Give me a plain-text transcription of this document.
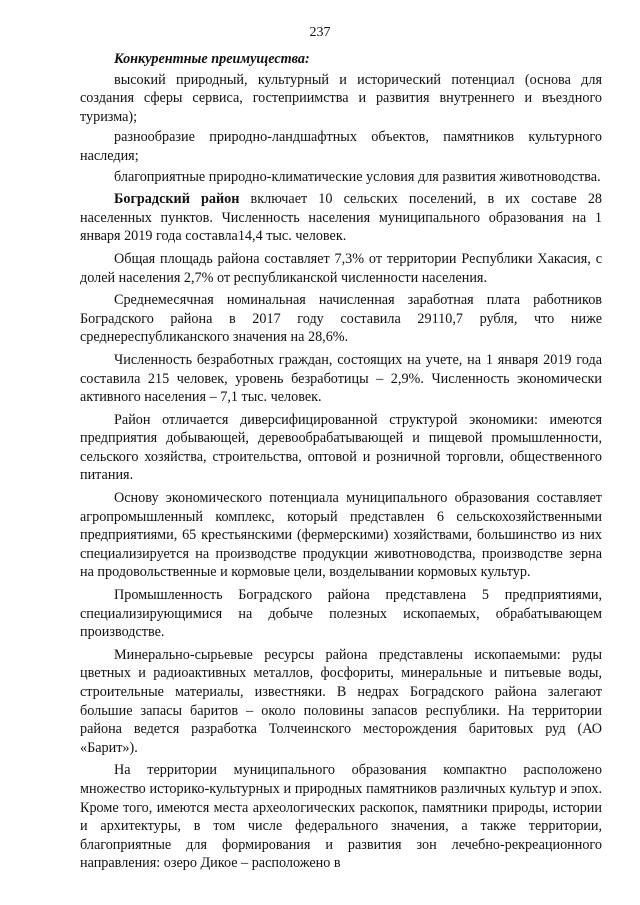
237

Конкурентные преимущества:

высокий природный, культурный и исторический потенциал (основа для создания сферы сервиса, гостеприимства и развития внутреннего и въездного туризма);

разнообразие природно-ландшафтных объектов, памятников культурного наследия;

благоприятные природно-климатические условия для развития животноводства.

Боградский район включает 10 сельских поселений, в их составе 28 населенных пунктов. Численность населения муниципального образования на 1 января 2019 года составла14,4 тыс. человек.

Общая площадь района составляет 7,3% от территории Республики Хакасия, с долей населения 2,7% от республиканской численности населения.

Среднемесячная номинальная начисленная заработная плата работников Боградского района в 2017 году составила 29110,7 рубля, что ниже среднереспубликанского значения на 28,6%.

Численность безработных граждан, состоящих на учете, на 1 января 2019 года составила 215 человек, уровень безработицы – 2,9%. Численность экономически активного населения – 7,1 тыс. человек.

Район отличается диверсифицированной структурой экономики: имеются предприятия добывающей, деревообрабатывающей и пищевой промышленности, сельского хозяйства, строительства, оптовой и розничной торговли, общественного питания.

Основу экономического потенциала муниципального образования составляет агропромышленный комплекс, который представлен 6 сельскохозяйственными предприятиями, 65 крестьянскими (фермерскими) хозяйствами, большинство из них специализируется на производстве продукции животноводства, производстве зерна на продовольственные и кормовые цели, возделывании кормовых культур.

Промышленность Боградского района представлена 5 предприятиями, специализирующимися на добыче полезных ископаемых, обрабатывающем производстве.

Минерально-сырьевые ресурсы района представлены ископаемыми: руды цветных и радиоактивных металлов, фосфориты, минеральные и питьевые воды, строительные материалы, известняки. В недрах Боградского района залегают большие запасы баритов – около половины запасов республики. На территории района ведется разработка Толчеинского месторождения баритовых руд (АО «Барит»).

На территории муниципального образования компактно расположено множество историко-культурных и природных памятников различных культур и эпох. Кроме того, имеются места археологических раскопок, памятники природы, истории и архитектуры, в том числе федерального значения, а также территории, благоприятные для формирования и развития зон лечебно-рекреационного направления: озеро Дикое – расположено в
